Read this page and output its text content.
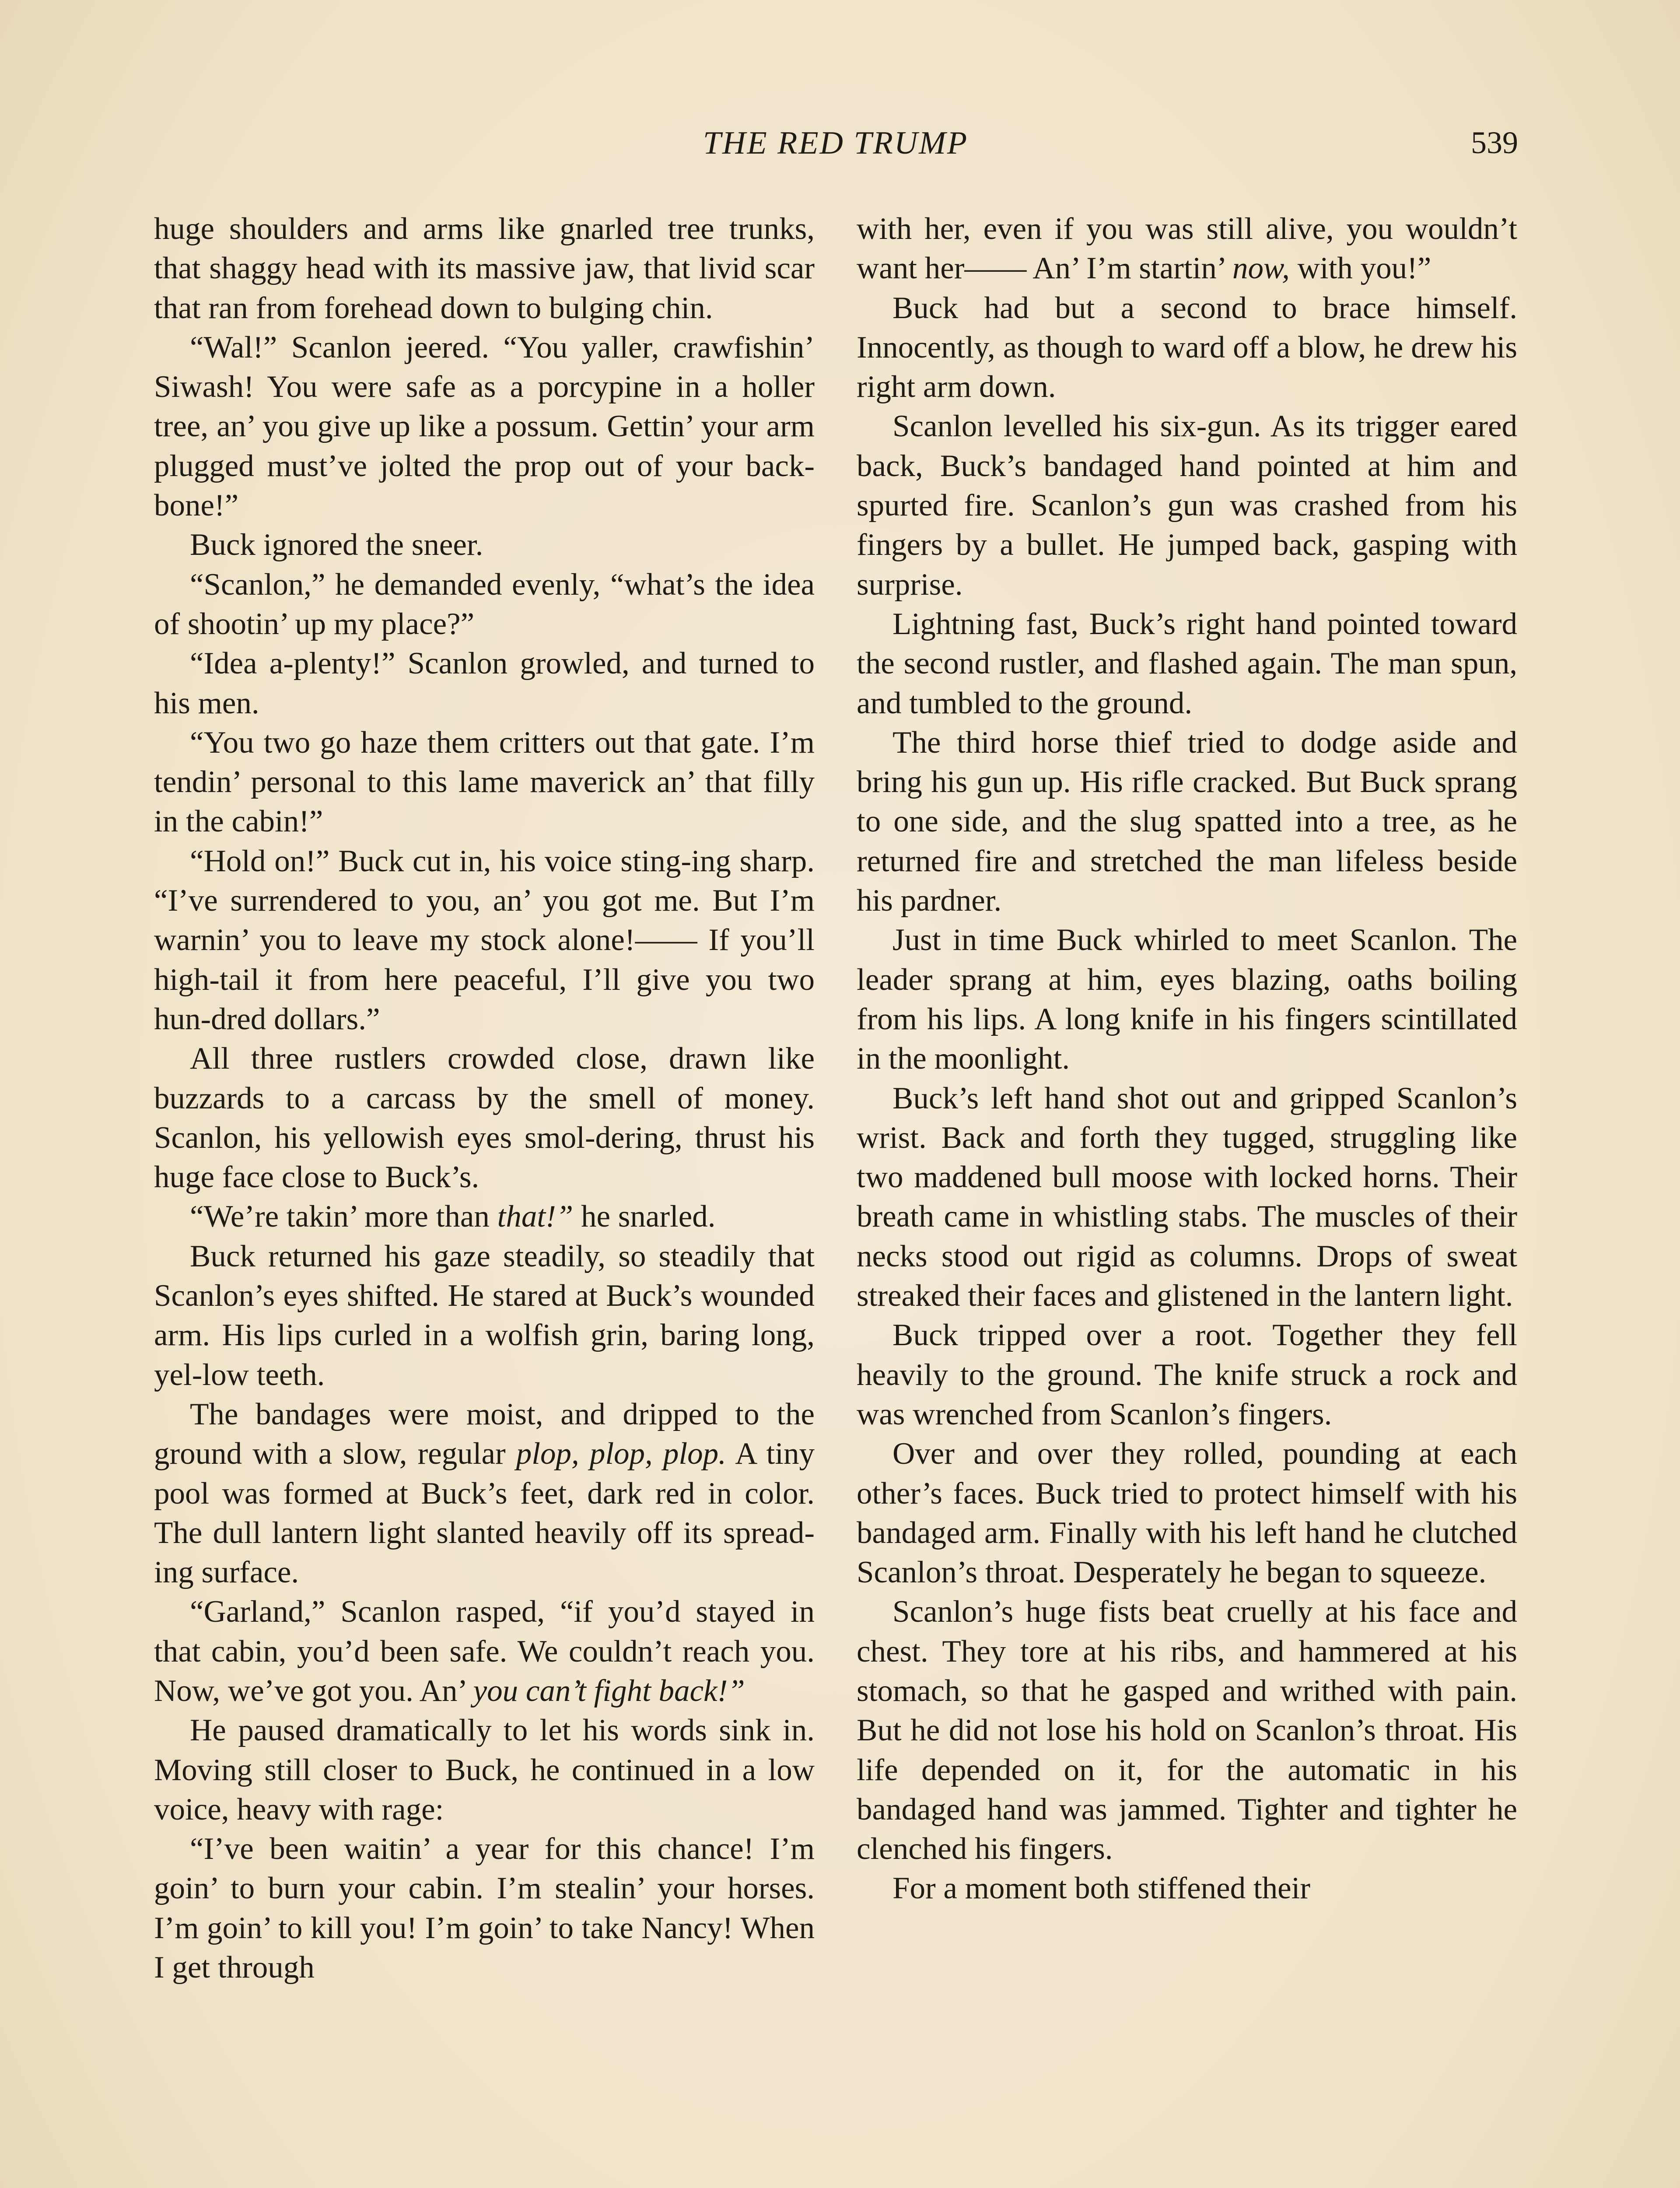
THE RED TRUMP	539

huge shoulders and arms like gnarled tree trunks, that shaggy head with its massive jaw, that livid scar that ran from forehead down to bulging chin.

“Wal!” Scanlon jeered. “You yaller, crawfishin’ Siwash! You were safe as a porcypine in a holler tree, an’ you give up like a possum. Gettin’ your arm plugged must’ve jolted the prop out of your back-bone!”

Buck ignored the sneer.

“Scanlon,” he demanded evenly, “what’s the idea of shootin’ up my place?”

“Idea a-plenty!” Scanlon growled, and turned to his men.

“You two go haze them critters out that gate. I’m tendin’ personal to this lame maverick an’ that filly in the cabin!”

“Hold on!” Buck cut in, his voice sting-ing sharp. “I’ve surrendered to you, an’ you got me. But I’m warnin’ you to leave my stock alone!—— If you’ll high-tail it from here peaceful, I’ll give you two hun-dred dollars.”

All three rustlers crowded close, drawn like buzzards to a carcass by the smell of money. Scanlon, his yellowish eyes smol-dering, thrust his huge face close to Buck’s.

“We’re takin’ more than that!” he snarled.

Buck returned his gaze steadily, so steadily that Scanlon’s eyes shifted. He stared at Buck’s wounded arm. His lips curled in a wolfish grin, baring long, yel-low teeth.

The bandages were moist, and dripped to the ground with a slow, regular plop, plop, plop. A tiny pool was formed at Buck’s feet, dark red in color. The dull lantern light slanted heavily off its spread-ing surface.

“Garland,” Scanlon rasped, “if you’d stayed in that cabin, you’d been safe. We couldn’t reach you. Now, we’ve got you. An’ you can’t fight back!”

He paused dramatically to let his words sink in. Moving still closer to Buck, he continued in a low voice, heavy with rage:

“I’ve been waitin’ a year for this chance! I’m goin’ to burn your cabin. I’m stealin’ your horses. I’m goin’ to kill you! I’m goin’ to take Nancy! When I get through

with her, even if you was still alive, you wouldn’t want her—— An’ I’m startin’ now, with you!”

Buck had but a second to brace himself. Innocently, as though to ward off a blow, he drew his right arm down.

Scanlon levelled his six-gun. As its trigger eared back, Buck’s bandaged hand pointed at him and spurted fire. Scanlon’s gun was crashed from his fingers by a bullet. He jumped back, gasping with surprise.

Lightning fast, Buck’s right hand pointed toward the second rustler, and flashed again. The man spun, and tumbled to the ground.

The third horse thief tried to dodge aside and bring his gun up. His rifle cracked. But Buck sprang to one side, and the slug spatted into a tree, as he returned fire and stretched the man lifeless beside his pardner.

Just in time Buck whirled to meet Scanlon. The leader sprang at him, eyes blazing, oaths boiling from his lips. A long knife in his fingers scintillated in the moonlight.

Buck’s left hand shot out and gripped Scanlon’s wrist. Back and forth they tugged, struggling like two maddened bull moose with locked horns. Their breath came in whistling stabs. The muscles of their necks stood out rigid as columns. Drops of sweat streaked their faces and glistened in the lantern light.

Buck tripped over a root. Together they fell heavily to the ground. The knife struck a rock and was wrenched from Scanlon’s fingers.

Over and over they rolled, pounding at each other’s faces. Buck tried to protect himself with his bandaged arm. Finally with his left hand he clutched Scanlon’s throat. Desperately he began to squeeze.

Scanlon’s huge fists beat cruelly at his face and chest. They tore at his ribs, and hammered at his stomach, so that he gasped and writhed with pain. But he did not lose his hold on Scanlon’s throat. His life depended on it, for the automatic in his bandaged hand was jammed. Tighter and tighter he clenched his fingers.

For a moment both stiffened their
